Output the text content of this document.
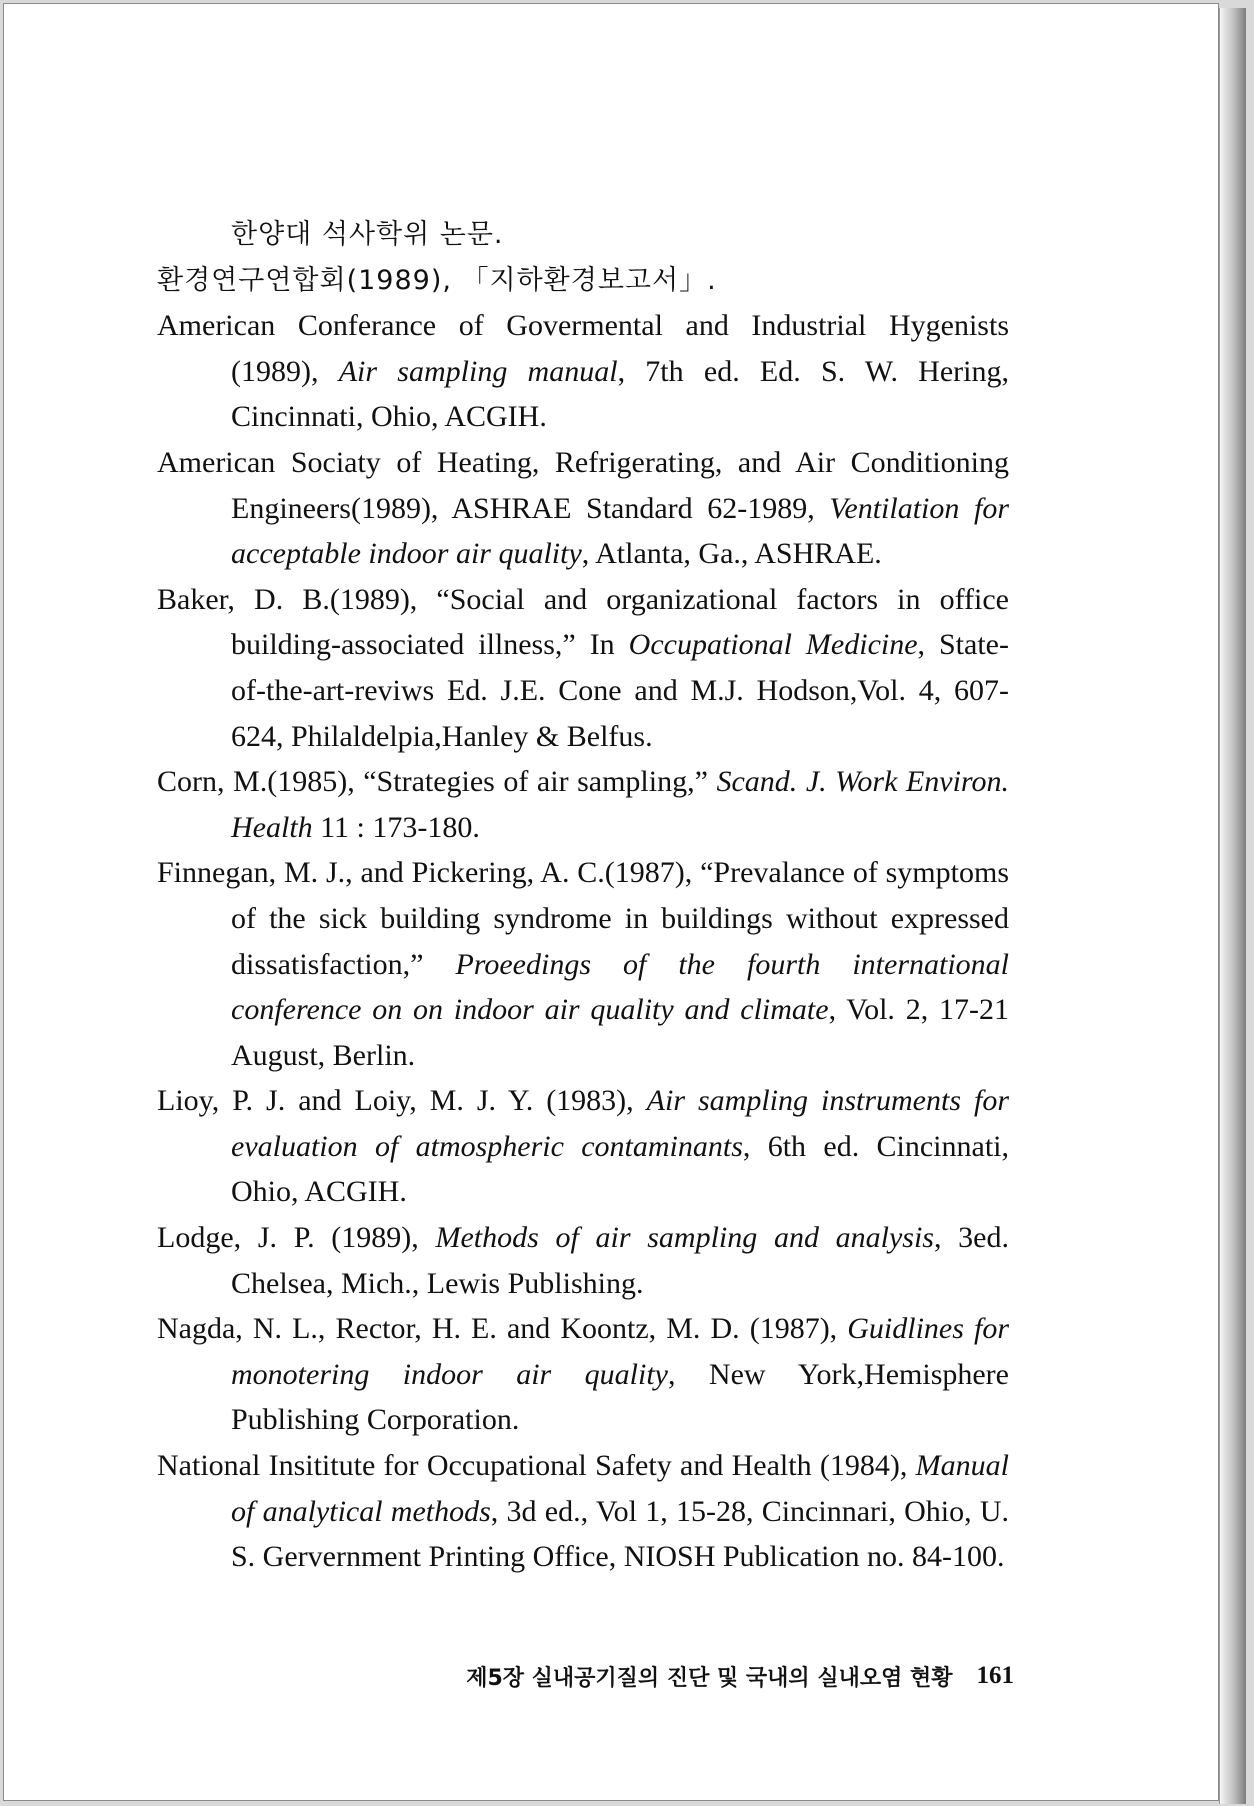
한양대 석사학위 논문.

환경연구연합회(1989), 「지하환경보고서」.

American Conferance of Govermental and Industrial Hygenists (1989), Air sampling manual, 7th ed. Ed. S. W. Hering, Cincinnati, Ohio, ACGIH.

American Sociaty of Heating, Refrigerating, and Air Conditioning Engineers(1989), ASHRAE Standard 62-1989, Ventilation for acceptable indoor air quality, Atlanta, Ga., ASHRAE.

Baker, D. B.(1989), “Social and organizational factors in office building-associated illness,” In Occupational Medicine, State-of-the-art-reviws Ed. J.E. Cone and M.J. Hodson,Vol. 4, 607-624, Philaldelpia,Hanley & Belfus.

Corn, M.(1985), “Strategies of air sampling,” Scand. J. Work Environ. Health 11 : 173-180.

Finnegan, M. J., and Pickering, A. C.(1987), “Prevalance of symptoms of the sick building syndrome in buildings without expressed dissatisfaction,” Proeedings of the fourth international conference on on indoor air quality and climate, Vol. 2, 17-21 August, Berlin.

Lioy, P. J. and Loiy, M. J. Y. (1983), Air sampling instruments for evaluation of atmospheric contaminants, 6th ed. Cincinnati, Ohio, ACGIH.

Lodge, J. P. (1989), Methods of air sampling and analysis, 3ed. Chelsea, Mich., Lewis Publishing.

Nagda, N. L., Rector, H. E. and Koontz, M. D. (1987), Guidlines for monotering indoor air quality, New York,Hemisphere Publishing Corporation.

National Insititute for Occupational Safety and Health (1984), Manual of analytical methods, 3d ed., Vol 1, 15-28, Cincinnari, Ohio, U. S. Gervernment Printing Office, NIOSH Publication no. 84-100.

제5장 실내공기질의 진단 및 국내의 실내오염 현황 161
